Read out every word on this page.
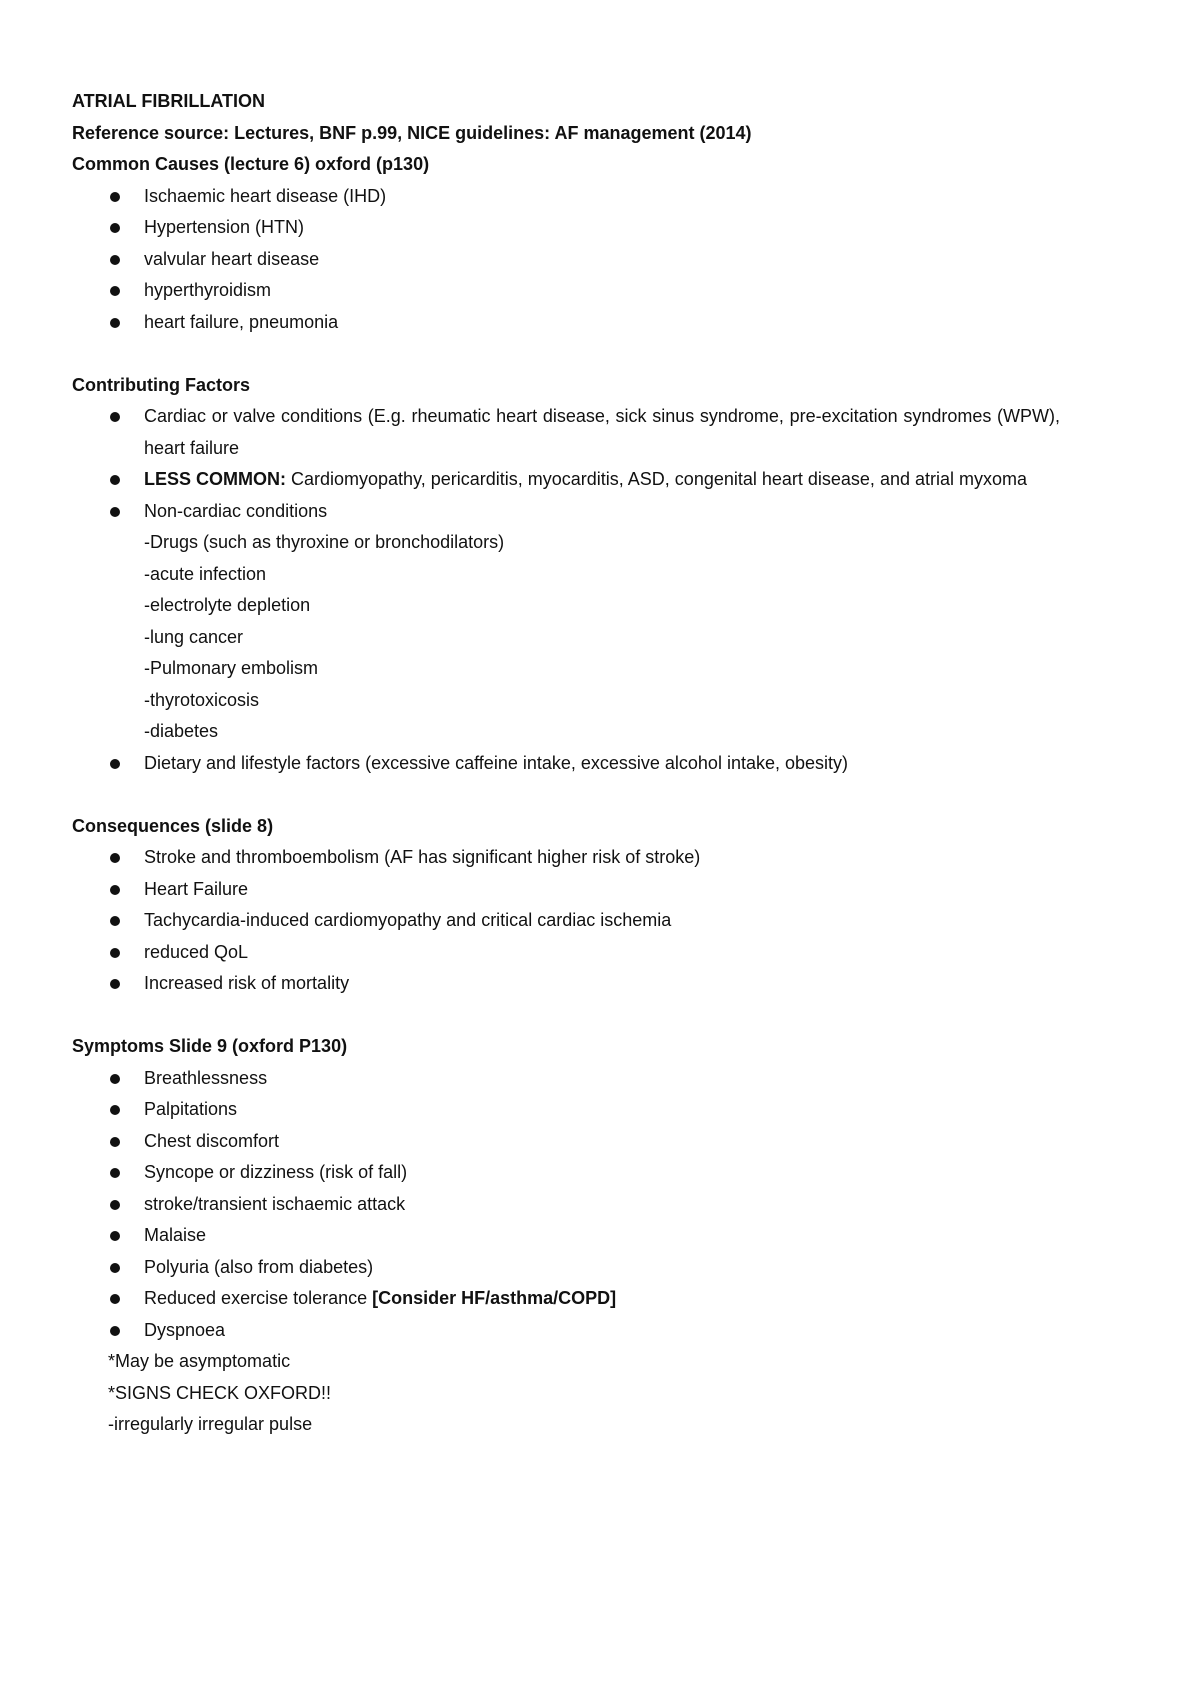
ATRIAL FIBRILLATION

Reference source: Lectures, BNF p.99, NICE guidelines: AF management (2014)

Common Causes (lecture 6) oxford (p130)

Ischaemic heart disease (IHD)
Hypertension (HTN)
valvular heart disease
hyperthyroidism
heart failure, pneumonia

Contributing Factors

Cardiac or valve conditions (E.g. rheumatic heart disease, sick sinus syndrome, pre-excitation syndromes (WPW), heart failure
LESS COMMON: Cardiomyopathy, pericarditis, myocarditis, ASD, congenital heart disease, and atrial myxoma
Non-cardiac conditions

-Drugs (such as thyroxine or bronchodilators)

-acute infection

-electrolyte depletion

-lung cancer

-Pulmonary embolism

-thyrotoxicosis

-diabetes

Dietary and lifestyle factors (excessive caffeine intake, excessive alcohol intake, obesity)

Consequences (slide 8)

Stroke and thromboembolism (AF has significant higher risk of stroke)
Heart Failure
Tachycardia-induced cardiomyopathy and critical cardiac ischemia
reduced QoL
Increased risk of mortality

Symptoms Slide 9 (oxford P130)

Breathlessness
Palpitations
Chest discomfort
Syncope or dizziness (risk of fall)
stroke/transient ischaemic attack
Malaise
Polyuria (also from diabetes)
Reduced exercise tolerance [Consider HF/asthma/COPD]
Dyspnoea

*May be asymptomatic

*SIGNS CHECK OXFORD!!

-irregularly irregular pulse
